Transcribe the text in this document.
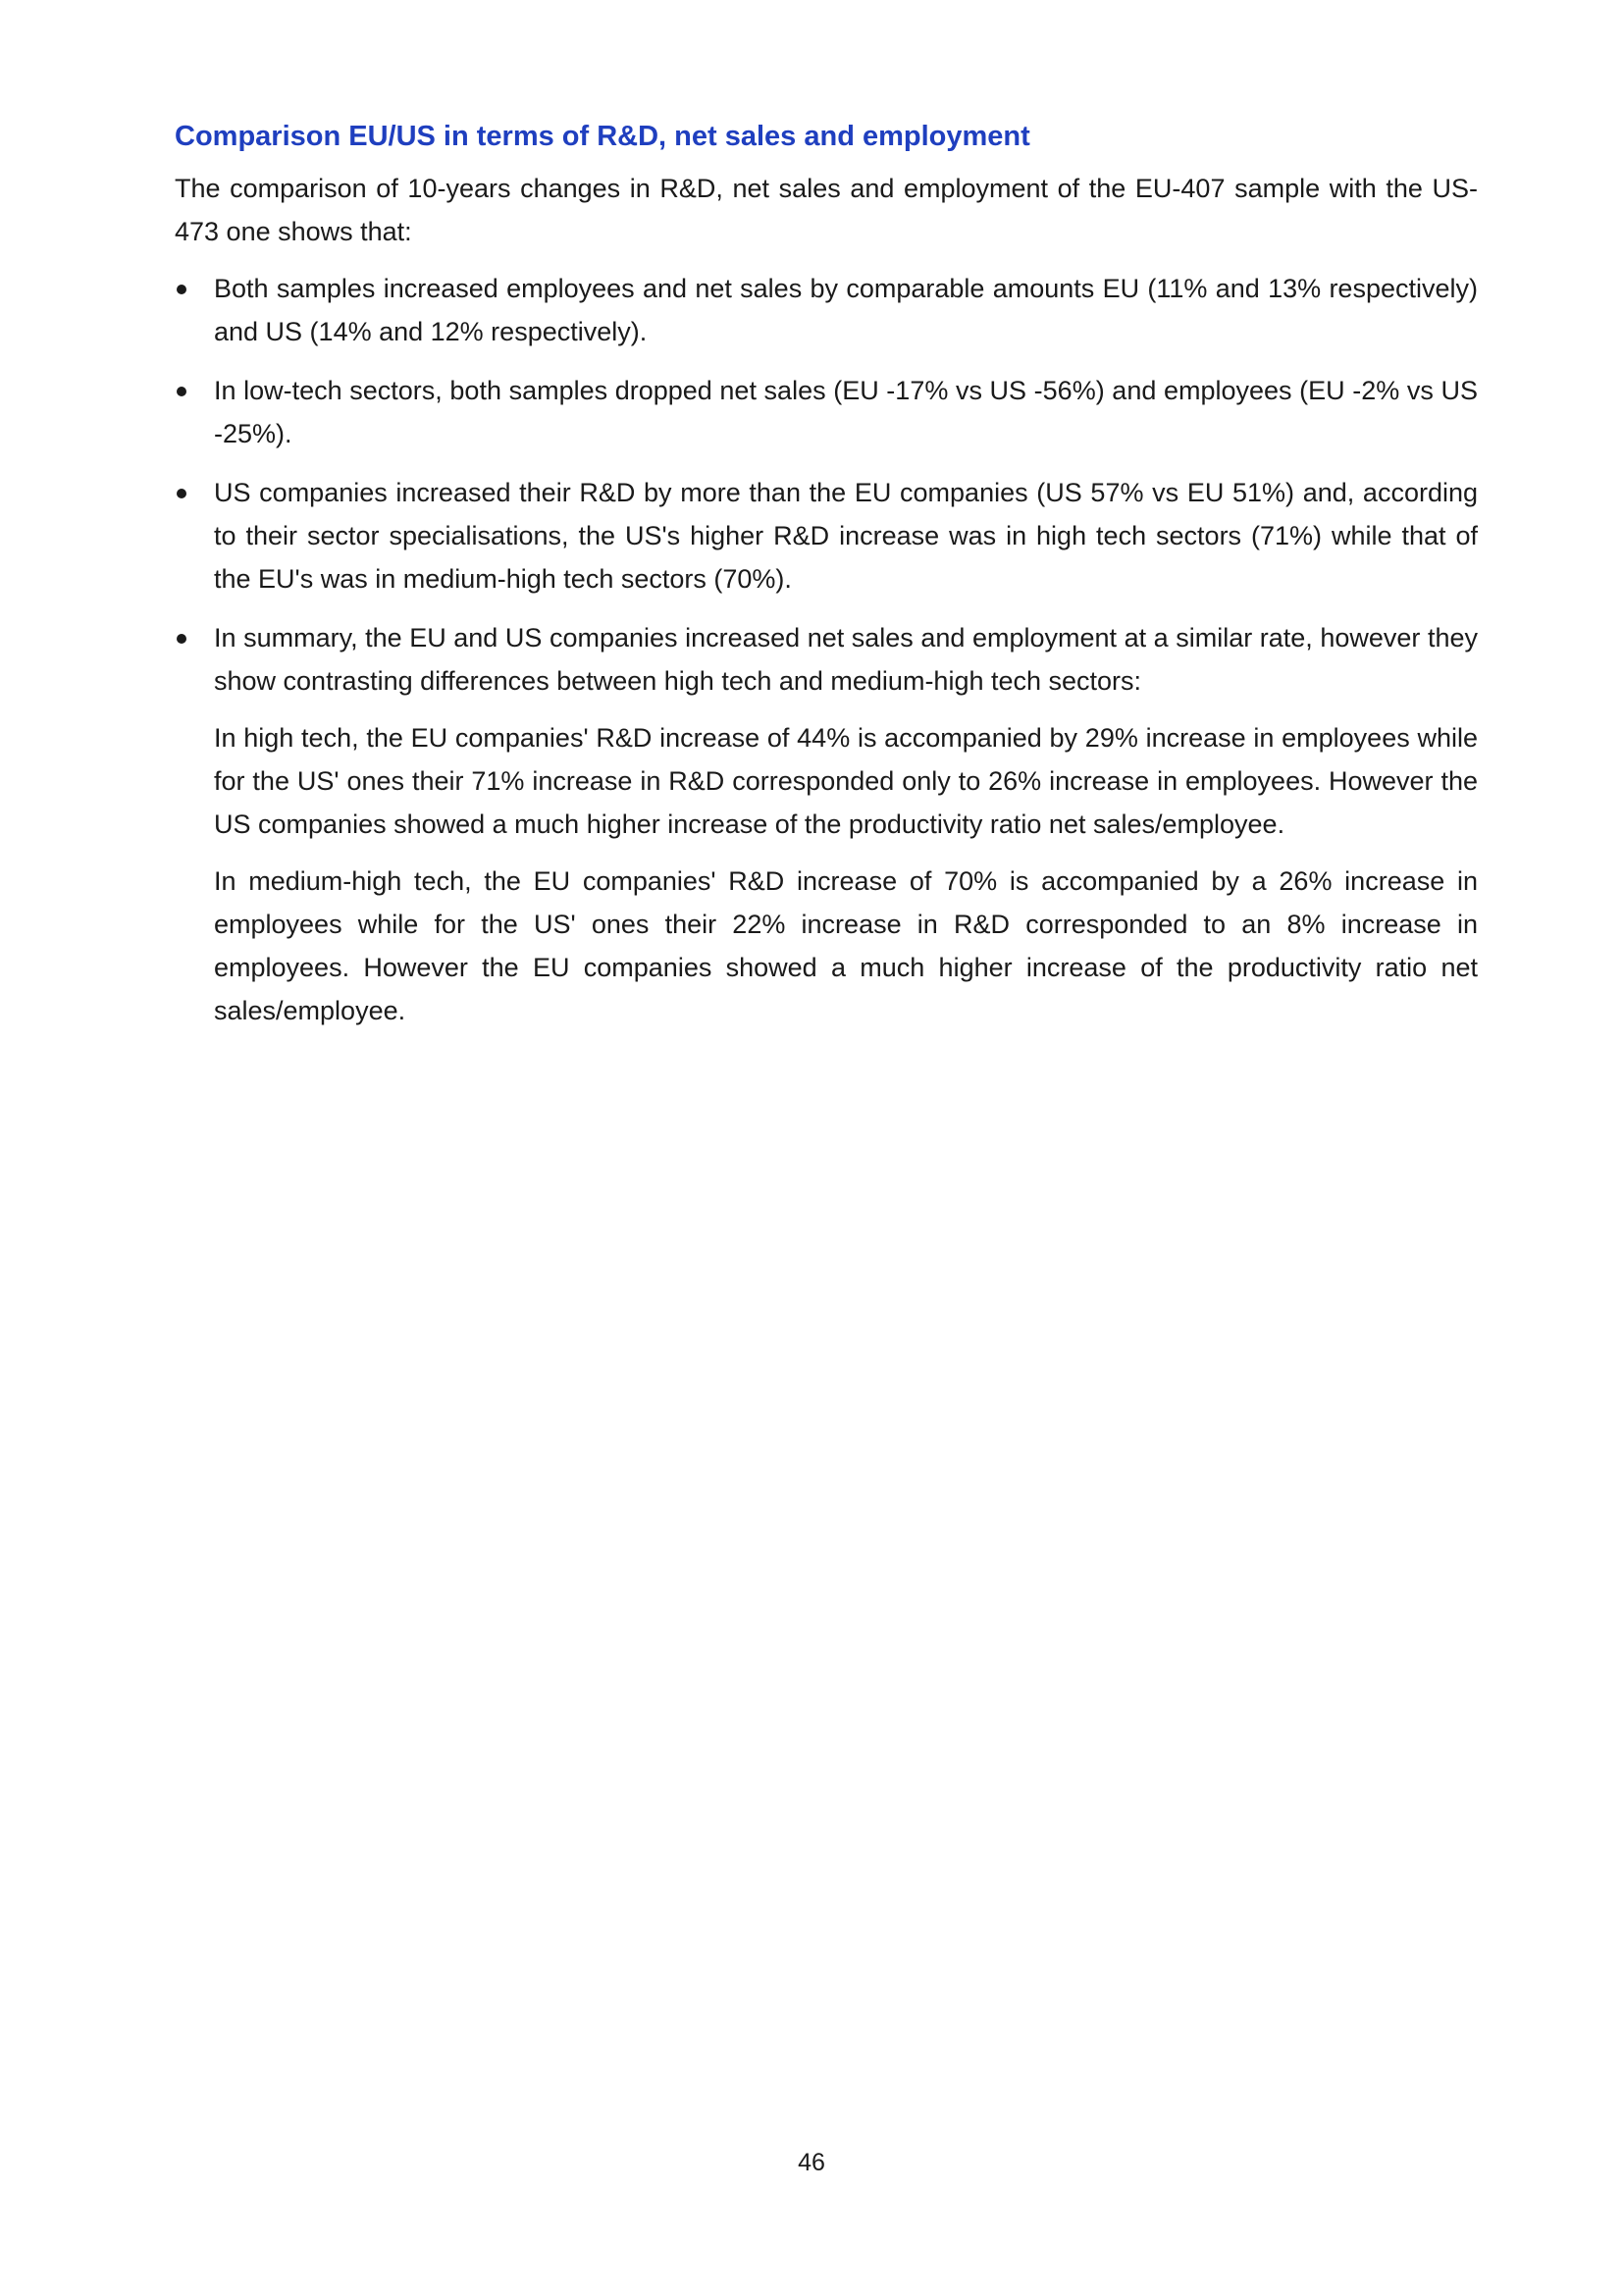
Comparison EU/US in terms of R&D, net sales and employment

The comparison of 10-years changes in R&D, net sales and employment of the EU-407 sample with the US-473 one shows that:

Both samples increased employees and net sales by comparable amounts EU (11% and 13% respectively) and US (14% and 12% respectively).
In low-tech sectors, both samples dropped net sales (EU -17% vs US -56%) and employees (EU -2% vs US -25%).
US companies increased their R&D by more than the EU companies (US 57% vs EU 51%) and, according to their sector specialisations, the US's higher R&D increase was in high tech sectors (71%) while that of the EU's was in medium-high tech sectors (70%).
In summary, the EU and US companies increased net sales and employment at a similar rate, however they show contrasting differences between high tech and medium-high tech sectors:

In high tech, the EU companies' R&D increase of 44% is accompanied by 29% increase in employees while for the US' ones their 71% increase in R&D corresponded only to 26% increase in employees. However the US companies showed a much higher increase of the productivity ratio net sales/employee.

In medium-high tech, the EU companies' R&D increase of 70% is accompanied by a 26% increase in employees while for the US' ones their 22% increase in R&D corresponded to an 8% increase in employees. However the EU companies showed a much higher increase of the productivity ratio net sales/employee.

46
